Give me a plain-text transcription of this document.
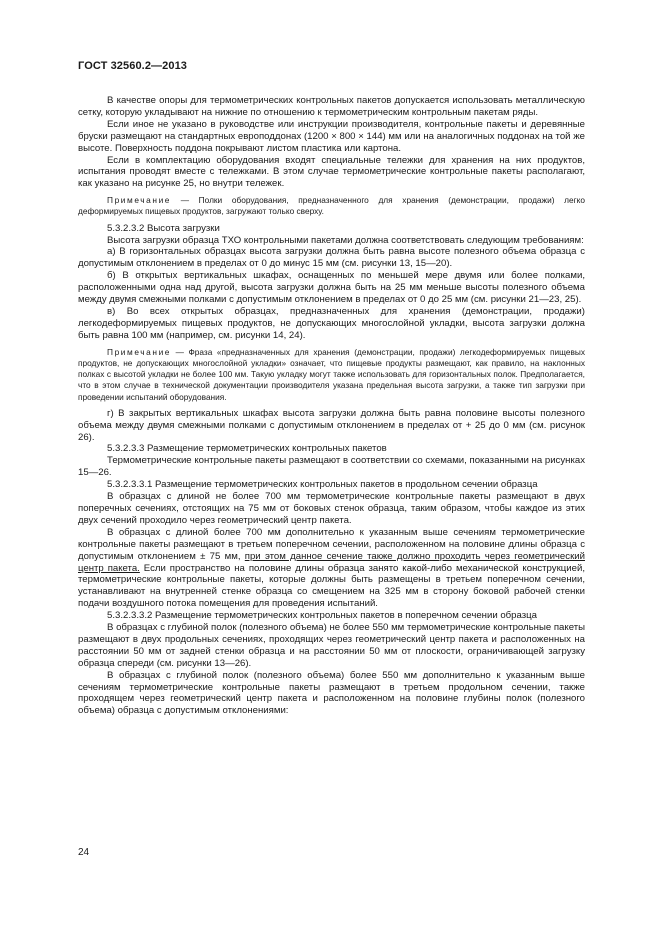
ГОСТ 32560.2—2013

В качестве опоры для термометрических контрольных пакетов допускается использовать металлическую сетку, которую укладывают на нижние по отношению к термометрическим контрольным пакетам ряды.

Если иное не указано в руководстве или инструкции производителя, контрольные пакеты и деревянные бруски размещают на стандартных европоддонах (1200 × 800 × 144) мм или на аналогичных поддонах на той же высоте. Поверхность поддона покрывают листом пластика или картона.

Если в комплектацию оборудования входят специальные тележки для хранения на них продуктов, испытания проводят вместе с тележками. В этом случае термометрические контрольные пакеты располагают, как указано на рисунке 25, но внутри тележек.

Примечание — Полки оборудования, предназначенного для хранения (демонстрации, продажи) легко деформируемых пищевых продуктов, загружают только сверху.

5.3.2.3.2 Высота загрузки

Высота загрузки образца ТХО контрольными пакетами должна соответствовать следующим требованиям:

а) В горизонтальных образцах высота загрузки должна быть равна высоте полезного объема образца с допустимым отклонением в пределах от 0 до минус 15 мм (см. рисунки 13, 15—20).

б) В открытых вертикальных шкафах, оснащенных по меньшей мере двумя или более полками, расположенными одна над другой, высота загрузки должна быть на 25 мм меньше высоты полезного объема между двумя смежными полками с допустимым отклонением в пределах от 0 до 25 мм (см. рисунки 21—23, 25).

в) Во всех открытых образцах, предназначенных для хранения (демонстрации, продажи) легкодеформируемых пищевых продуктов, не допускающих многослойной укладки, высота загрузки должна быть равна 100 мм (например, см. рисунки 14, 24).

Примечание — Фраза «предназначенных для хранения (демонстрации, продажи) легкодеформируемых пищевых продуктов, не допускающих многослойной укладки» означает, что пищевые продукты размещают, как правило, на наклонных полках с высотой укладки не более 100 мм. Такую укладку могут также использовать для горизонтальных полок. Предполагается, что в этом случае в технической документации производителя указана предельная высота загрузки, а также тип загрузки при проведении испытаний оборудования.

г) В закрытых вертикальных шкафах высота загрузки должна быть равна половине высоты полезного объема между двумя смежными полками с допустимым отклонением в пределах от + 25 до 0 мм (см. рисунок 26).

5.3.2.3.3 Размещение термометрических контрольных пакетов

Термометрические контрольные пакеты размещают в соответствии со схемами, показанными на рисунках 15—26.

5.3.2.3.3.1 Размещение термометрических контрольных пакетов в продольном сечении образца

В образцах с длиной не более 700 мм термометрические контрольные пакеты размещают в двух поперечных сечениях, отстоящих на 75 мм от боковых стенок образца, таким образом, чтобы каждое из этих двух сечений проходило через геометрический центр пакета.

В образцах с длиной более 700 мм дополнительно к указанным выше сечениям термометрические контрольные пакеты размещают в третьем поперечном сечении, расположенном на половине длины образца с допустимым отклонением ± 75 мм, при этом данное сечение также должно проходить через геометрический центр пакета. Если пространство на половине длины образца занято какой-либо механической конструкцией, термометрические контрольные пакеты, которые должны быть размещены в третьем поперечном сечении, устанавливают на внутренней стенке образца со смещением на 325 мм в сторону боковой рабочей стенки подачи воздушного потока помещения для проведения испытаний.

5.3.2.3.3.2 Размещение термометрических контрольных пакетов в поперечном сечении образца

В образцах с глубиной полок (полезного объема) не более 550 мм термометрические контрольные пакеты размещают в двух продольных сечениях, проходящих через геометрический центр пакета и расположенных на расстоянии 50 мм от задней стенки образца и на расстоянии 50 мм от плоскости, ограничивающей загрузку образца спереди (см. рисунки 13—26).

В образцах с глубиной полок (полезного объема) более 550 мм дополнительно к указанным выше сечениям термометрические контрольные пакеты размещают в третьем продольном сечении, также проходящем через геометрический центр пакета и расположенном на половине глубины полок (полезного объема) образца с допустимым отклонениями:

24
